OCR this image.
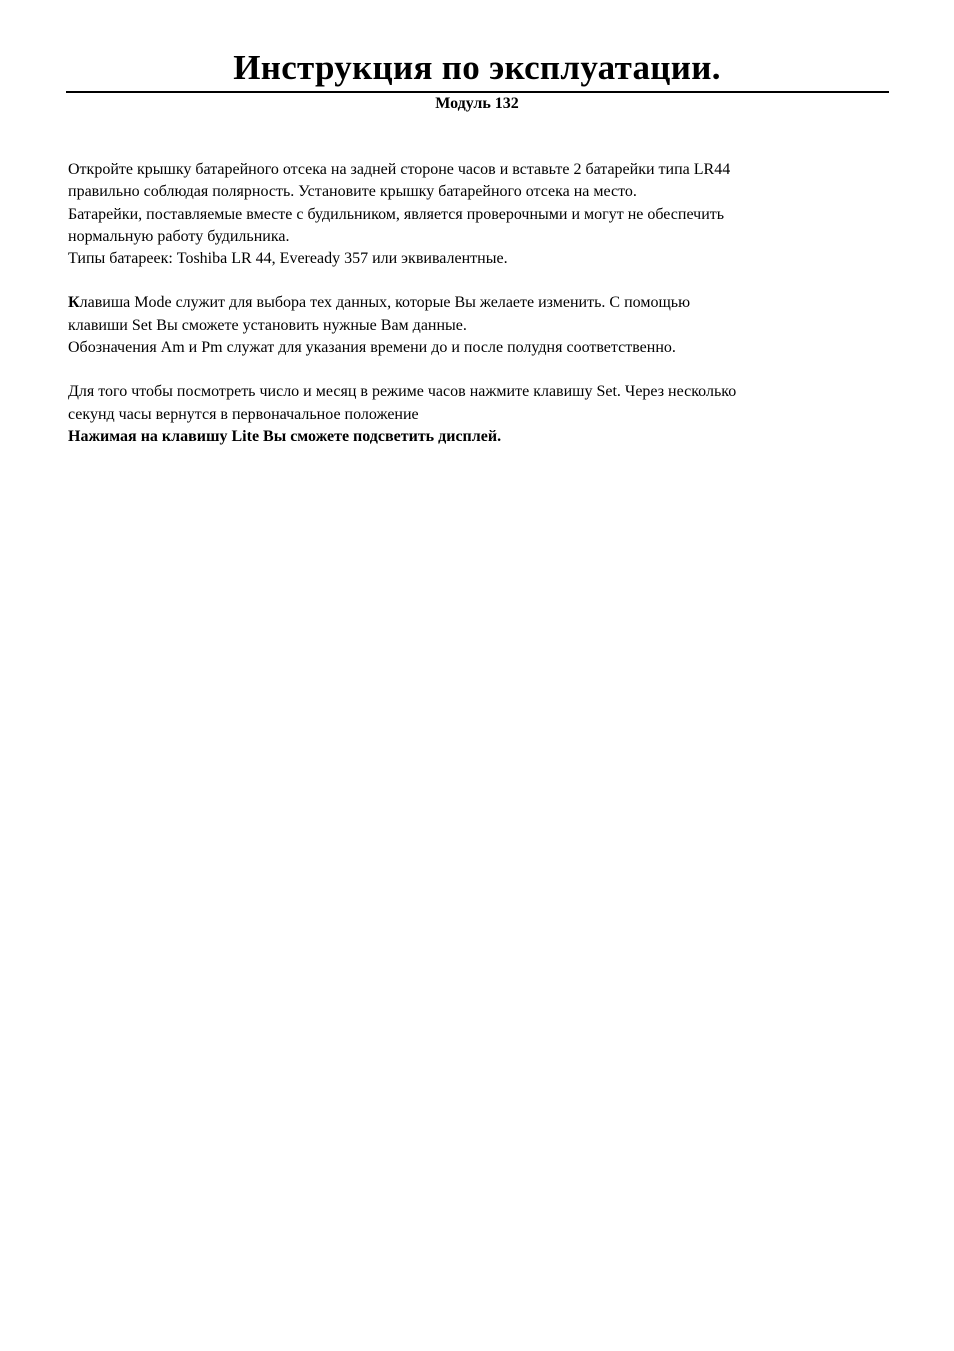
Инструкция по эксплуатации.
Модуль 132

Откройте крышку батарейного отсека на задней стороне часов и вставьте 2 батарейки типа LR44

правильно соблюдая полярность. Установите крышку батарейного отсека на место.

Батарейки, поставляемые вместе с будильником, является проверочными и могут не обеспечить

нормальную работу будильника.

Типы батареек: Toshiba LR 44, Eveready 357 или эквивалентные.

Клавиша Mode служит для выбора тех данных, которые Вы желаете изменить. С помощью

клавиши Set Вы сможете установить нужные Вам данные.

Обозначения Am и Pm служат для указания времени до и после полудня соответственно.

Для того чтобы посмотреть число и месяц в режиме часов нажмите клавишу Set. Через несколько

секунд часы вернутся в первоначальное положение

Нажимая на клавишу Lite Вы сможете подсветить дисплей.
